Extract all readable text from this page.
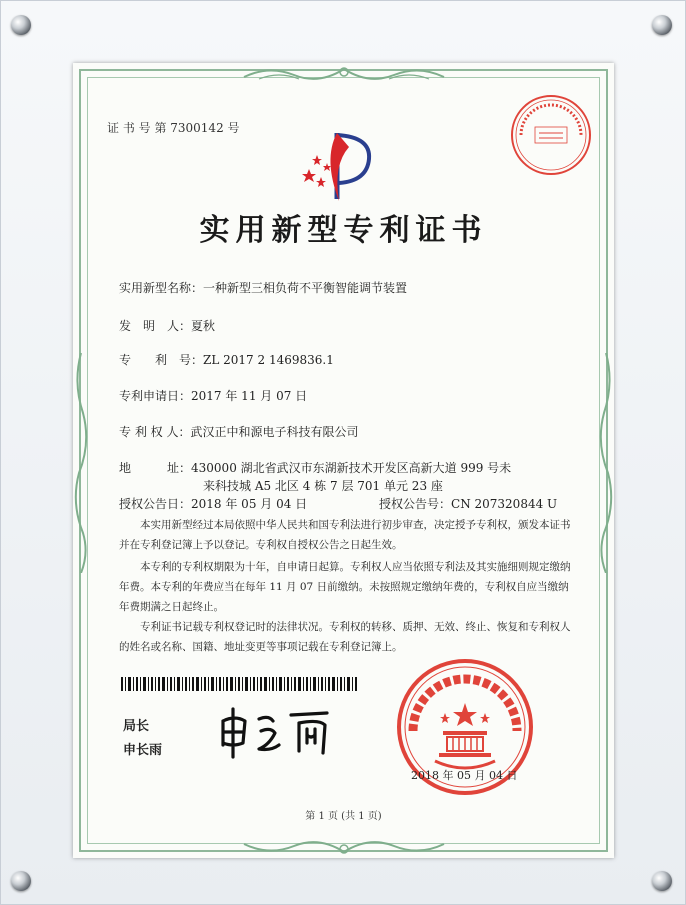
证 书 号 第 7300142 号
实用新型专利证书
实用新型名称：一种新型三相负荷不平衡智能调节装置
发　明　人：夏秋
专　　利　号：ZL 2017 2 1469836.1
专利申请日：2017 年 11 月 07 日
专 利 权 人：武汉正中和源电子科技有限公司
地　　　址：430000 湖北省武汉市东湖新技术开发区高新大道 999 号未
来科技城 A5 北区 4 栋 7 层 701 单元 23 座
授权公告日：2018 年 05 月 04 日	授权公告号：CN 207320844 U
本实用新型经过本局依照中华人民共和国专利法进行初步审查，决定授予专利权，颁发本证书并在专利登记簿上予以登记。专利权自授权公告之日起生效。
本专利的专利权期限为十年，自申请日起算。专利权人应当依照专利法及其实施细则规定缴纳年费。本专利的年费应当在每年 11 月 07 日前缴纳。未按照规定缴纳年费的，专利权自应当缴纳年费期满之日起终止。
专利证书记载专利权登记时的法律状况。专利权的转移、质押、无效、终止、恢复和专利权人的姓名或名称、国籍、地址变更等事项记载在专利登记簿上。
局长
申长雨
2018 年 05 月 04 日
第 1 页 (共 1 页)
